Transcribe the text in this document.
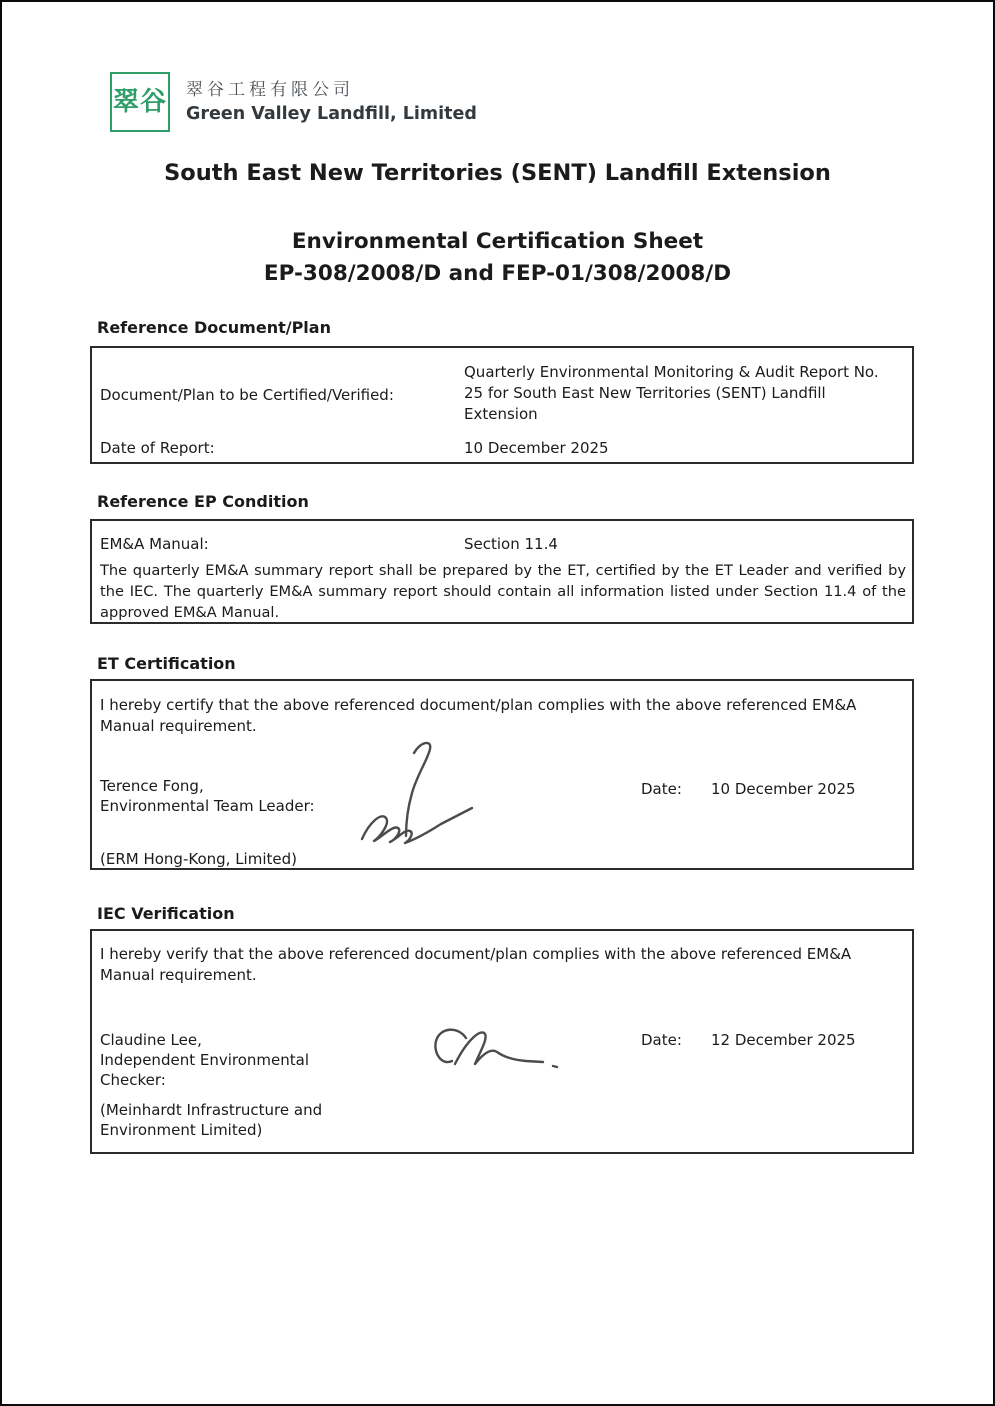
翠谷 翠谷工程有限公司
Green Valley Landfill, Limited
South East New Territories (SENT) Landfill Extension
Environmental Certification Sheet
EP-308/2008/D and FEP-01/308/2008/D
Reference Document/Plan
Document/Plan to be Certified/Verified:
Quarterly Environmental Monitoring & Audit Report No. 25 for South East New Territories (SENT) Landfill Extension
Date of Report:	10 December 2025
Reference EP Condition
EM&A Manual:	Section 11.4
The quarterly EM&A summary report shall be prepared by the ET, certified by the ET Leader and verified by the IEC. The quarterly EM&A summary report should contain all information listed under Section 11.4 of the approved EM&A Manual.
ET Certification
I hereby certify that the above referenced document/plan complies with the above referenced EM&A Manual requirement.
Terence Fong,
Environmental Team Leader:
(ERM Hong-Kong, Limited)
Date: 10 December 2025
IEC Verification
I hereby verify that the above referenced document/plan complies with the above referenced EM&A Manual requirement.
Claudine Lee,
Independent Environmental
Checker:
(Meinhardt Infrastructure and
Environment Limited)
Date: 12 December 2025
